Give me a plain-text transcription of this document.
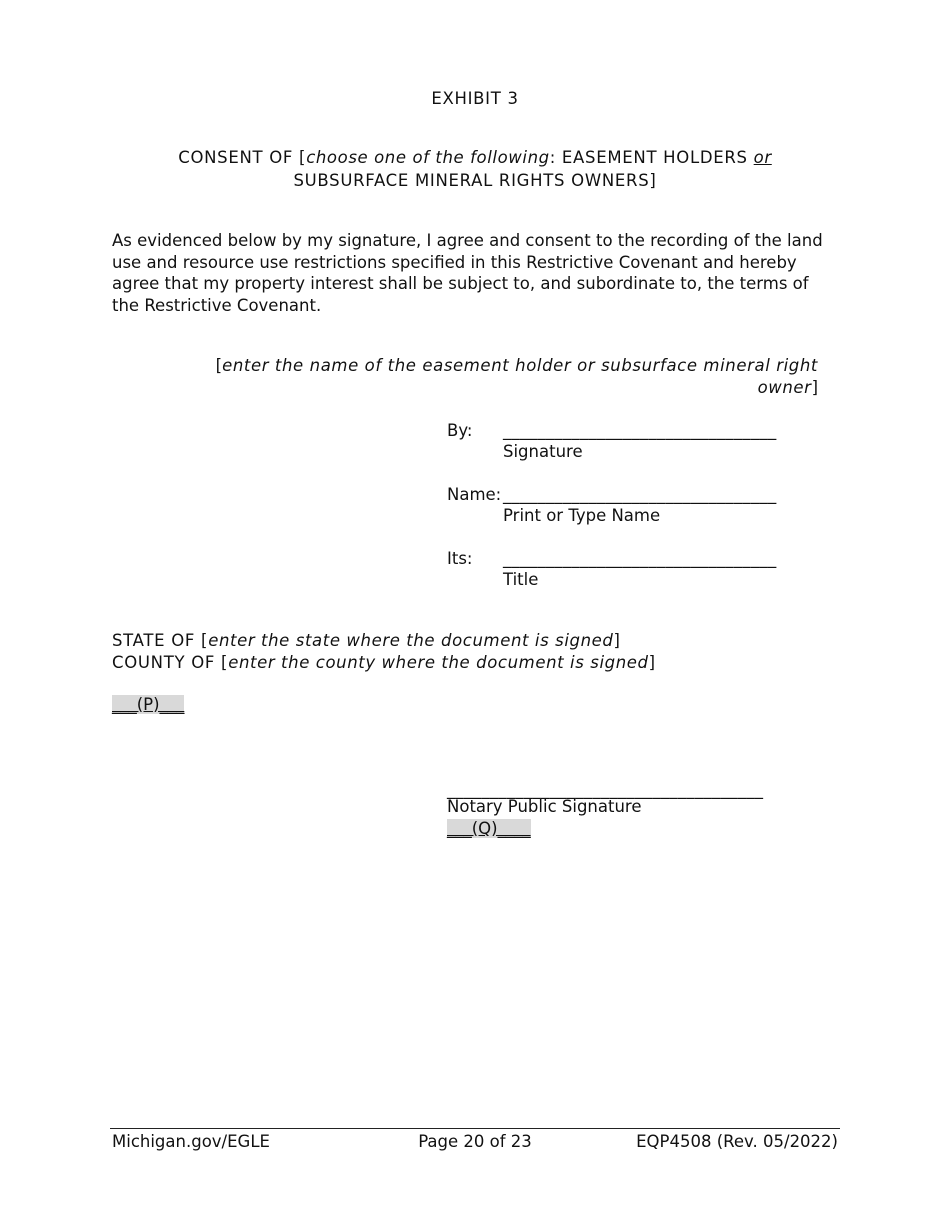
EXHIBIT 3
CONSENT OF [choose one of the following: EASEMENT HOLDERS or
SUBSURFACE MINERAL RIGHTS OWNERS]
As evidenced below by my signature, I agree and consent to the recording of the land use and resource use restrictions specified in this Restrictive Covenant and hereby agree that my property interest shall be subject to, and subordinate to, the terms of the Restrictive Covenant.
[enter the name of the easement holder or subsurface mineral right
owner]
By: ________________________________
Signature
Name: ________________________________
Print or Type Name
Its: ________________________________
Title
STATE OF [enter the state where the document is signed]
COUNTY OF [enter the county where the document is signed]
___(P)___
_____________________________________
Notary Public Signature
___(Q)____
Michigan.gov/EGLE	Page 20 of 23	EQP4508 (Rev. 05/2022)
